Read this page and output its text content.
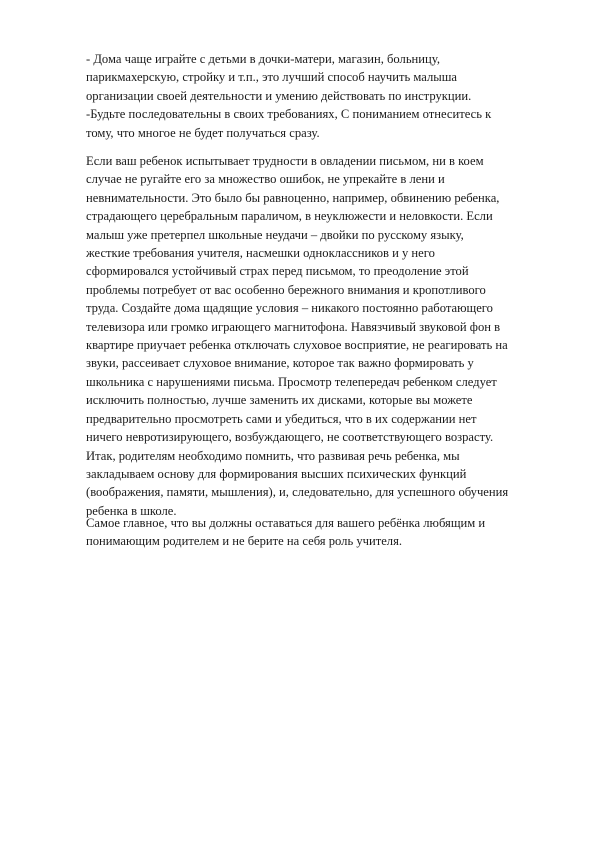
- Дома чаще играйте с детьми в дочки-матери, магазин, больницу,
парикмахерскую, стройку и т.п., это лучший способ научить малыша
организации своей деятельности и умению действовать по инструкции.
-Будьте последовательны в своих требованиях, С пониманием отнеситесь к
тому, что многое не будет получаться сразу.
Если ваш ребенок испытывает трудности в овладении письмом, ни в коем
случае не ругайте его за множество ошибок, не упрекайте в лени и
невнимательности. Это было бы равноценно, например, обвинению ребенка,
страдающего церебральным параличом, в неуклюжести и неловкости. Если
малыш уже претерпел школьные неудачи – двойки по русскому языку,
жесткие требования учителя, насмешки одноклассников и у него
сформировался устойчивый страх перед письмом, то преодоление этой
проблемы потребует от вас особенно бережного внимания и кропотливого
труда. Создайте дома щадящие условия – никакого постоянно работающего
телевизора или громко играющего магнитофона. Навязчивый звуковой фон в
квартире приучает ребенка отключать слуховое восприятие, не реагировать на
звуки, рассеивает слуховое внимание, которое так важно формировать у
школьника с нарушениями письма. Просмотр телепередач ребенком следует
исключить полностью, лучше заменить их дисками, которые вы можете
предварительно просмотреть сами и убедиться, что в их содержании нет
ничего невротизирующего, возбуждающего, не соответствующего возрасту.
Итак, родителям необходимо помнить, что развивая речь ребенка, мы
закладываем основу для формирования высших психических функций
(воображения, памяти, мышления), и, следовательно, для успешного обучения
ребенка в школе.
Самое главное, что вы должны оставаться для вашего ребёнка любящим и
понимающим родителем и не берите на себя роль учителя.
